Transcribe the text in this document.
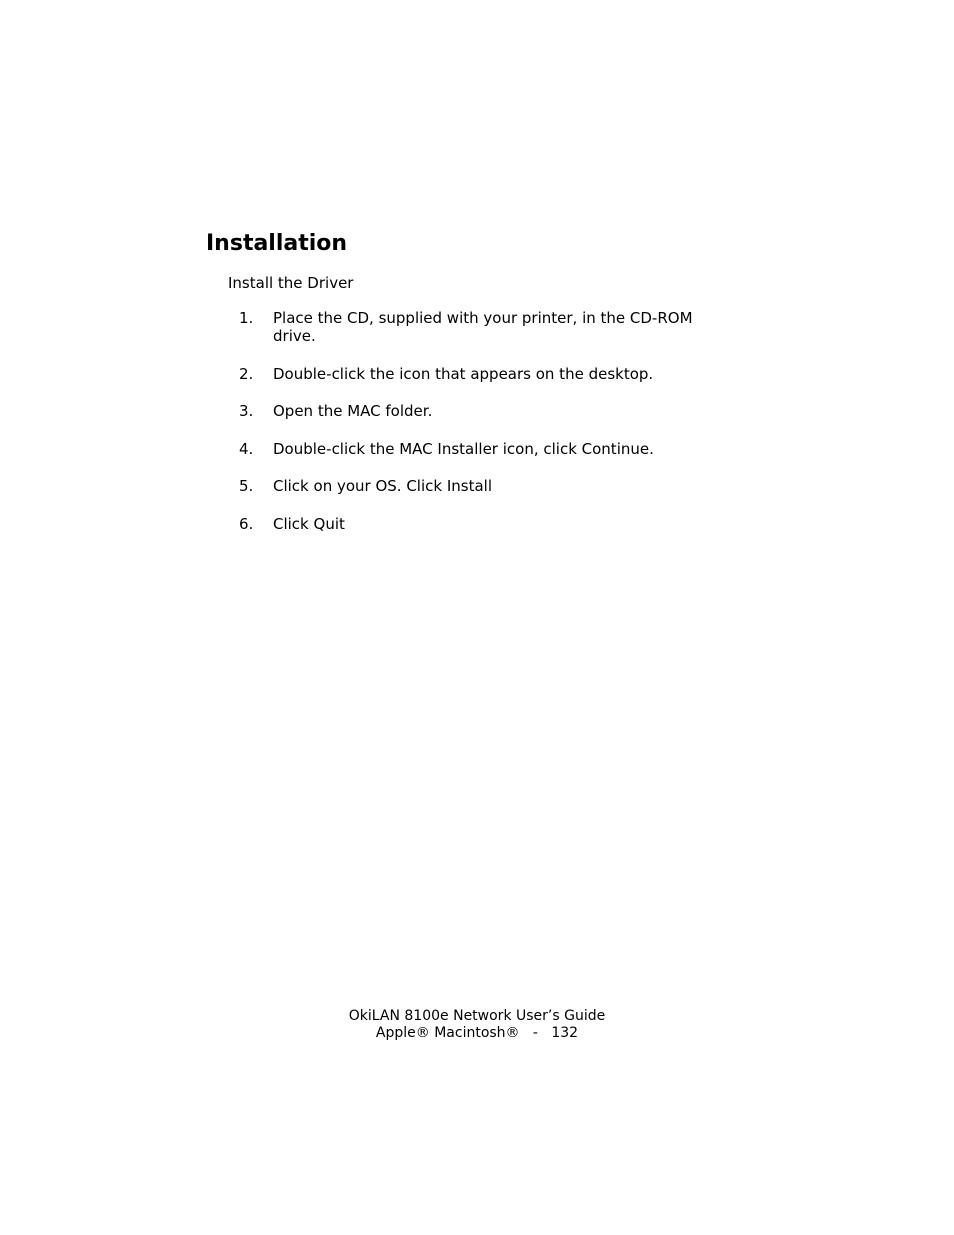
Installation
Install the Driver
1.	Place the CD, supplied with your printer, in the CD-ROM drive.
2.	Double-click the icon that appears on the desktop.
3.	Open the MAC folder.
4.	Double-click the MAC Installer icon, click Continue.
5.	Click on your OS. Click Install
6.	Click Quit
OkiLAN 8100e Network User’s Guide
Apple® Macintosh® - 132
